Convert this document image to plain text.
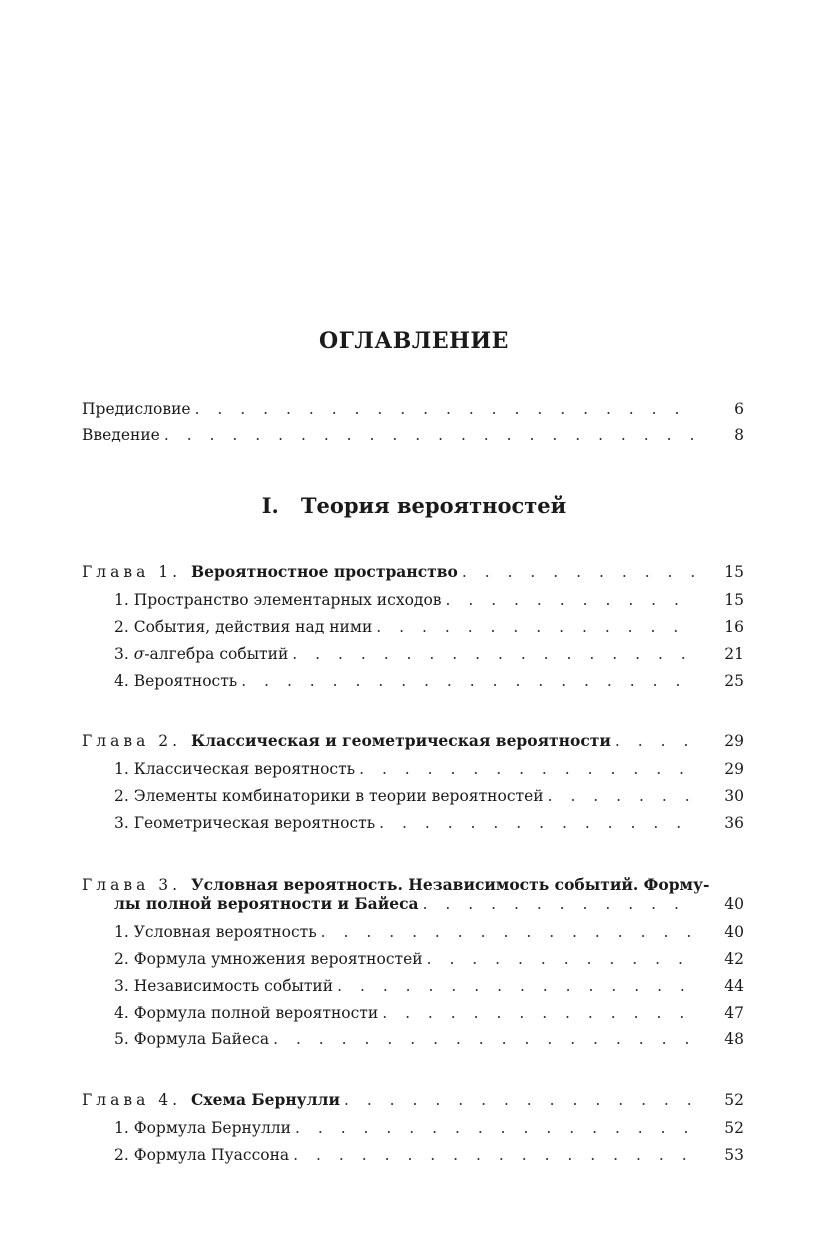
ОГЛАВЛЕНИЕ
Предисловие . . .	6
Введение . . .	8
I. Теория вероятностей
Глава 1. Вероятностное пространство . . .	15
1. Пространство элементарных исходов . . .	15
2. События, действия над ними . . .	16
3. σ-алгебра событий . . .	21
4. Вероятность . . .	25
Глава 2. Классическая и геометрическая вероятности . . .	29
1. Классическая вероятность . . .	29
2. Элементы комбинаторики в теории вероятностей . . .	30
3. Геометрическая вероятность . . .	36
Глава 3. Условная вероятность. Независимость событий. Форму-
лы полной вероятности и Байеса . . .	40
1. Условная вероятность . . .	40
2. Формула умножения вероятностей . . .	42
3. Независимость событий . . .	44
4. Формула полной вероятности . . .	47
5. Формула Байеса . . .	48
Глава 4. Схема Бернулли . . .	52
1. Формула Бернулли . . .	52
2. Формула Пуассона . . .	53
